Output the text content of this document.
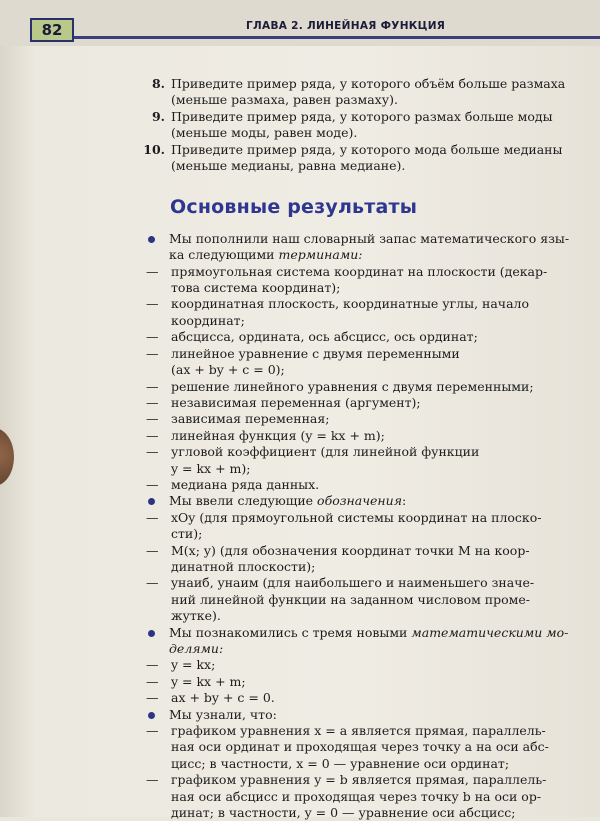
82	ГЛАВА 2. ЛИНЕЙНАЯ ФУНКЦИЯ
8. Приведите пример ряда, у которого объём больше размаха
(меньше размаха, равен размаху).
9. Приведите пример ряда, у которого размах больше моды
(меньше моды, равен моде).
10. Приведите пример ряда, у которого мода больше медианы
(меньше медианы, равна медиане).
Основные результаты
Мы пополнили наш словарный запас математического язы-
ка следующими терминами:
— прямоугольная система координат на плоскости (декар-
това система координат);
— координатная плоскость, координатные углы, начало
координат;
— абсцисса, ордината, ось абсцисс, ось ординат;
— линейное уравнение с двумя переменными
(ax + by + c = 0);
— решение линейного уравнения с двумя переменными;
— независимая переменная (аргумент);
— зависимая переменная;
— линейная функция (y = kx + m);
— угловой коэффициент (для линейной функции
y = kx + m);
— медиана ряда данных.
Мы ввели следующие обозначения:
— xOy (для прямоугольной системы координат на плоско-
сти);
— M(x; y) (для обозначения координат точки M на коор-
динатной плоскости);
— yнаиб, yнаим (для наибольшего и наименьшего значе-
ний линейной функции на заданном числовом проме-
жутке).
Мы познакомились с тремя новыми математическими мо-
делями:
— y = kx;
— y = kx + m;
— ax + by + c = 0.
Мы узнали, что:
— графиком уравнения x = a является прямая, параллель-
ная оси ординат и проходящая через точку a на оси абс-
цисс; в частности, x = 0 — уравнение оси ординат;
— графиком уравнения y = b является прямая, параллель-
ная оси абсцисс и проходящая через точку b на оси ор-
динат; в частности, y = 0 — уравнение оси абсцисс;
